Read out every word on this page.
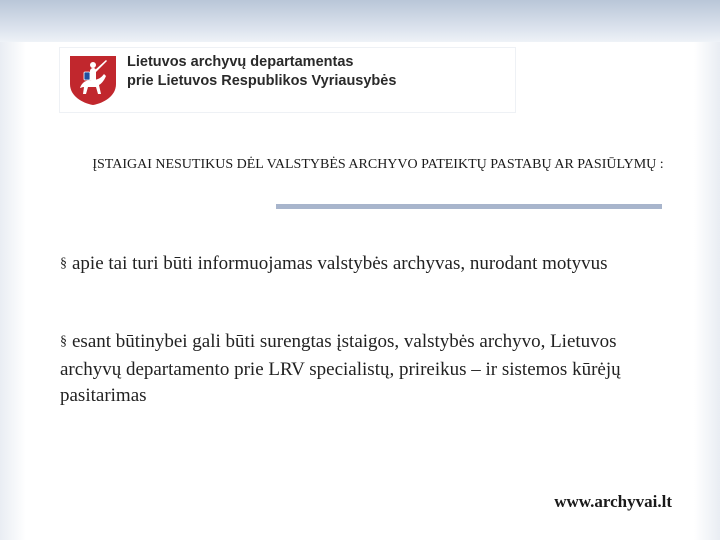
Lietuvos archyvų departamentas
prie Lietuvos Respublikos Vyriausybės
ĮSTAIGAI NESUTIKUS DĖL VALSTYBĖS ARCHYVO PATEIKTŲ PASTABŲ AR PASIŪLYMŲ :
§ apie tai turi būti informuojamas valstybės archyvas, nurodant motyvus
§ esant būtinybei gali būti surengtas įstaigos, valstybės archyvo, Lietuvos archyvų departamento prie LRV specialistų, prireikus – ir sistemos kūrėjų pasitarimas
www.archyvai.lt
